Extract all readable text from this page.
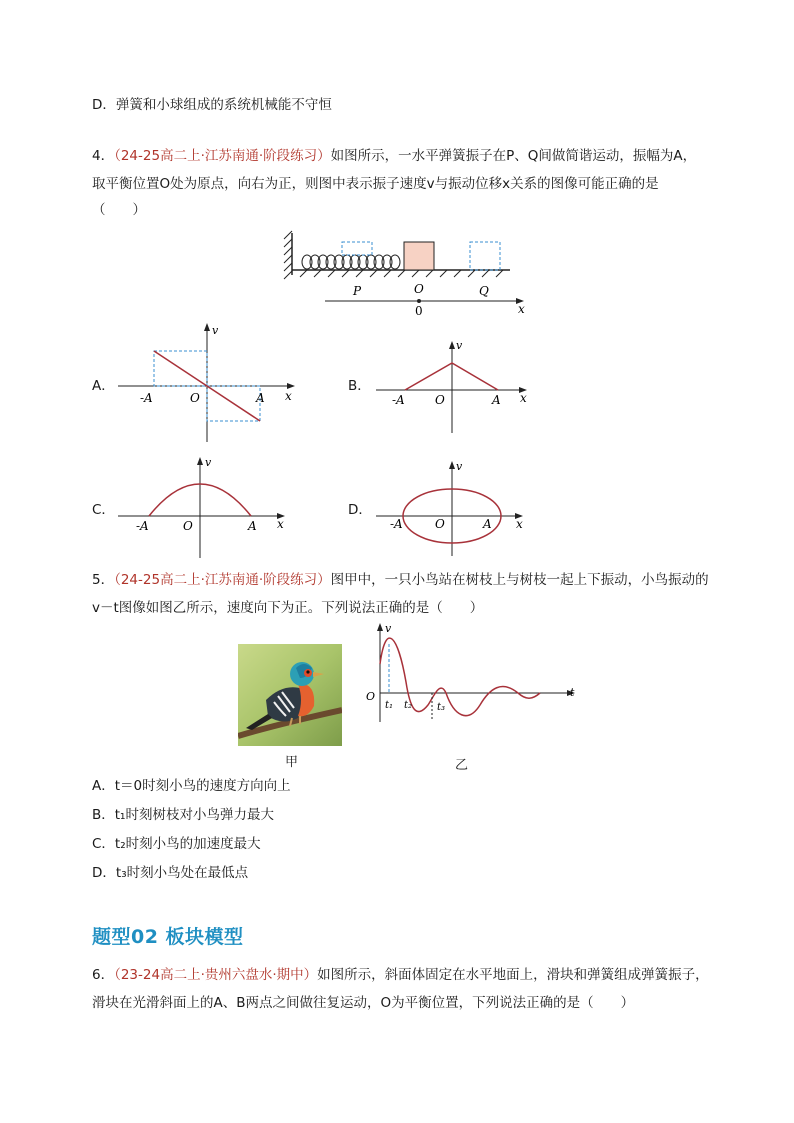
D．弹簧和小球组成的系统机械能不守恒
4．（24-25高二上·江苏南通·阶段练习）如图所示，一水平弹簧振子在P、Q间做简谐运动，振幅为A，
取平衡位置O处为原点，向右为正，则图中表示振子速度v与振动位移x关系的图像可能正确的是
（　　）
P	O	Q
0	x
A．
v
x
-A	O	A
B．
v
x
-A	O	A
C．
v
x
-A	O	A
D．
v
x
-A	O	A
5．（24-25高二上·江苏南通·阶段练习）图甲中，一只小鸟站在树枝上与树枝一起上下振动，小鸟振动的
v－t图像如图乙所示，速度向下为正。下列说法正确的是（　　）
甲
v
t
O
t₁ t₂ t₃
乙
A．t＝0时刻小鸟的速度方向向上
B．t₁时刻树枝对小鸟弹力最大
C．t₂时刻小鸟的加速度最大
D．t₃时刻小鸟处在最低点
题型02 板块模型
6．（23-24高二上·贵州六盘水·期中）如图所示，斜面体固定在水平地面上，滑块和弹簧组成弹簧振子，
滑块在光滑斜面上的A、B两点之间做往复运动，O为平衡位置，下列说法正确的是（　　）
